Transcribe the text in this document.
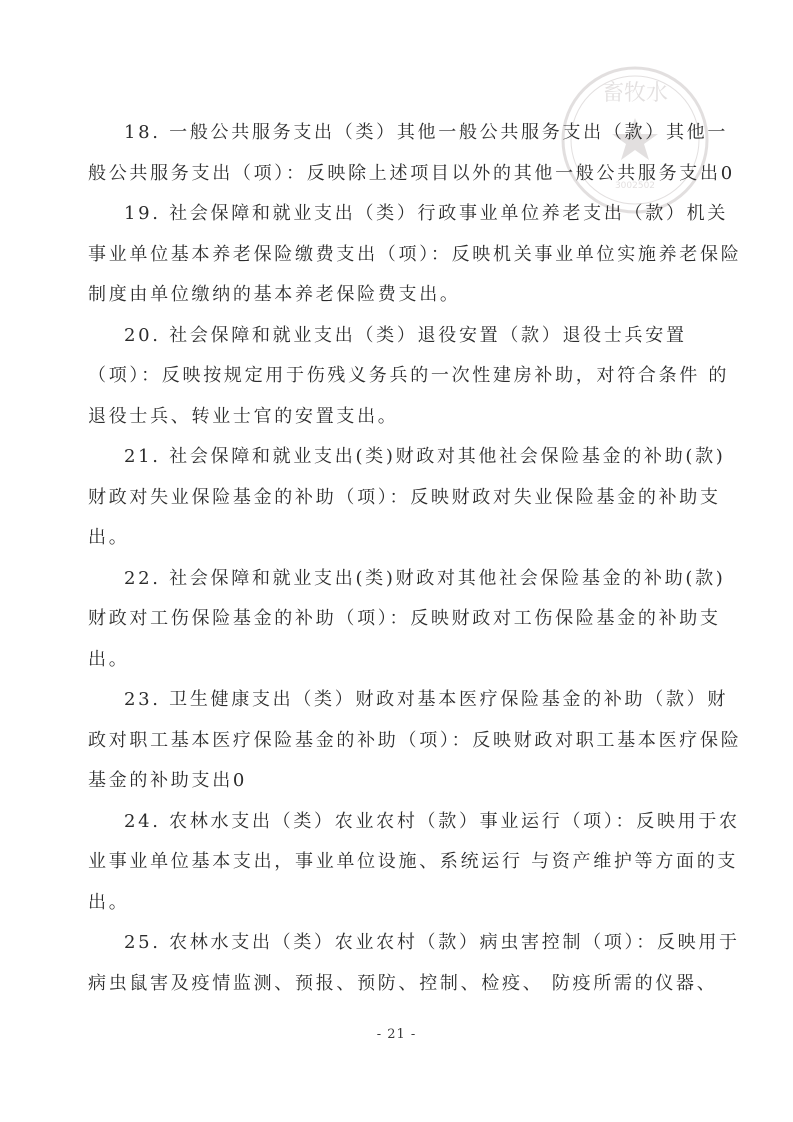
畜牧水
3002502

18. 一般公共服务支出（类）其他一般公共服务支出（款）其他一般公共服务支出（项）：反映除上述项目以外的其他一般公共服务支出0

19. 社会保障和就业支出（类）行政事业单位养老支出（款）机关事业单位基本养老保险缴费支出（项）：反映机关事业单位实施养老保险制度由单位缴纳的基本养老保险费支出。

20. 社会保障和就业支出（类）退役安置（款）退役士兵安置（项）：反映按规定用于伤残义务兵的一次性建房补助，对符合条件 的退役士兵、转业士官的安置支出。

21. 社会保障和就业支出(类)财政对其他社会保险基金的补助(款)财政对失业保险基金的补助（项）：反映财政对失业保险基金的补助支出。

22. 社会保障和就业支出(类)财政对其他社会保险基金的补助(款)财政对工伤保险基金的补助（项）：反映财政对工伤保险基金的补助支出。

23. 卫生健康支出（类）财政对基本医疗保险基金的补助（款）财政对职工基本医疗保险基金的补助（项）：反映财政对职工基本医疗保险基金的补助支出0

24. 农林水支出（类）农业农村（款）事业运行（项）：反映用于农业事业单位基本支出，事业单位设施、系统运行 与资产维护等方面的支出。

25. 农林水支出（类）农业农村（款）病虫害控制（项）：反映用于病虫鼠害及疫情监测、预报、预防、控制、检疫、 防疫所需的仪器、

- 21 -
